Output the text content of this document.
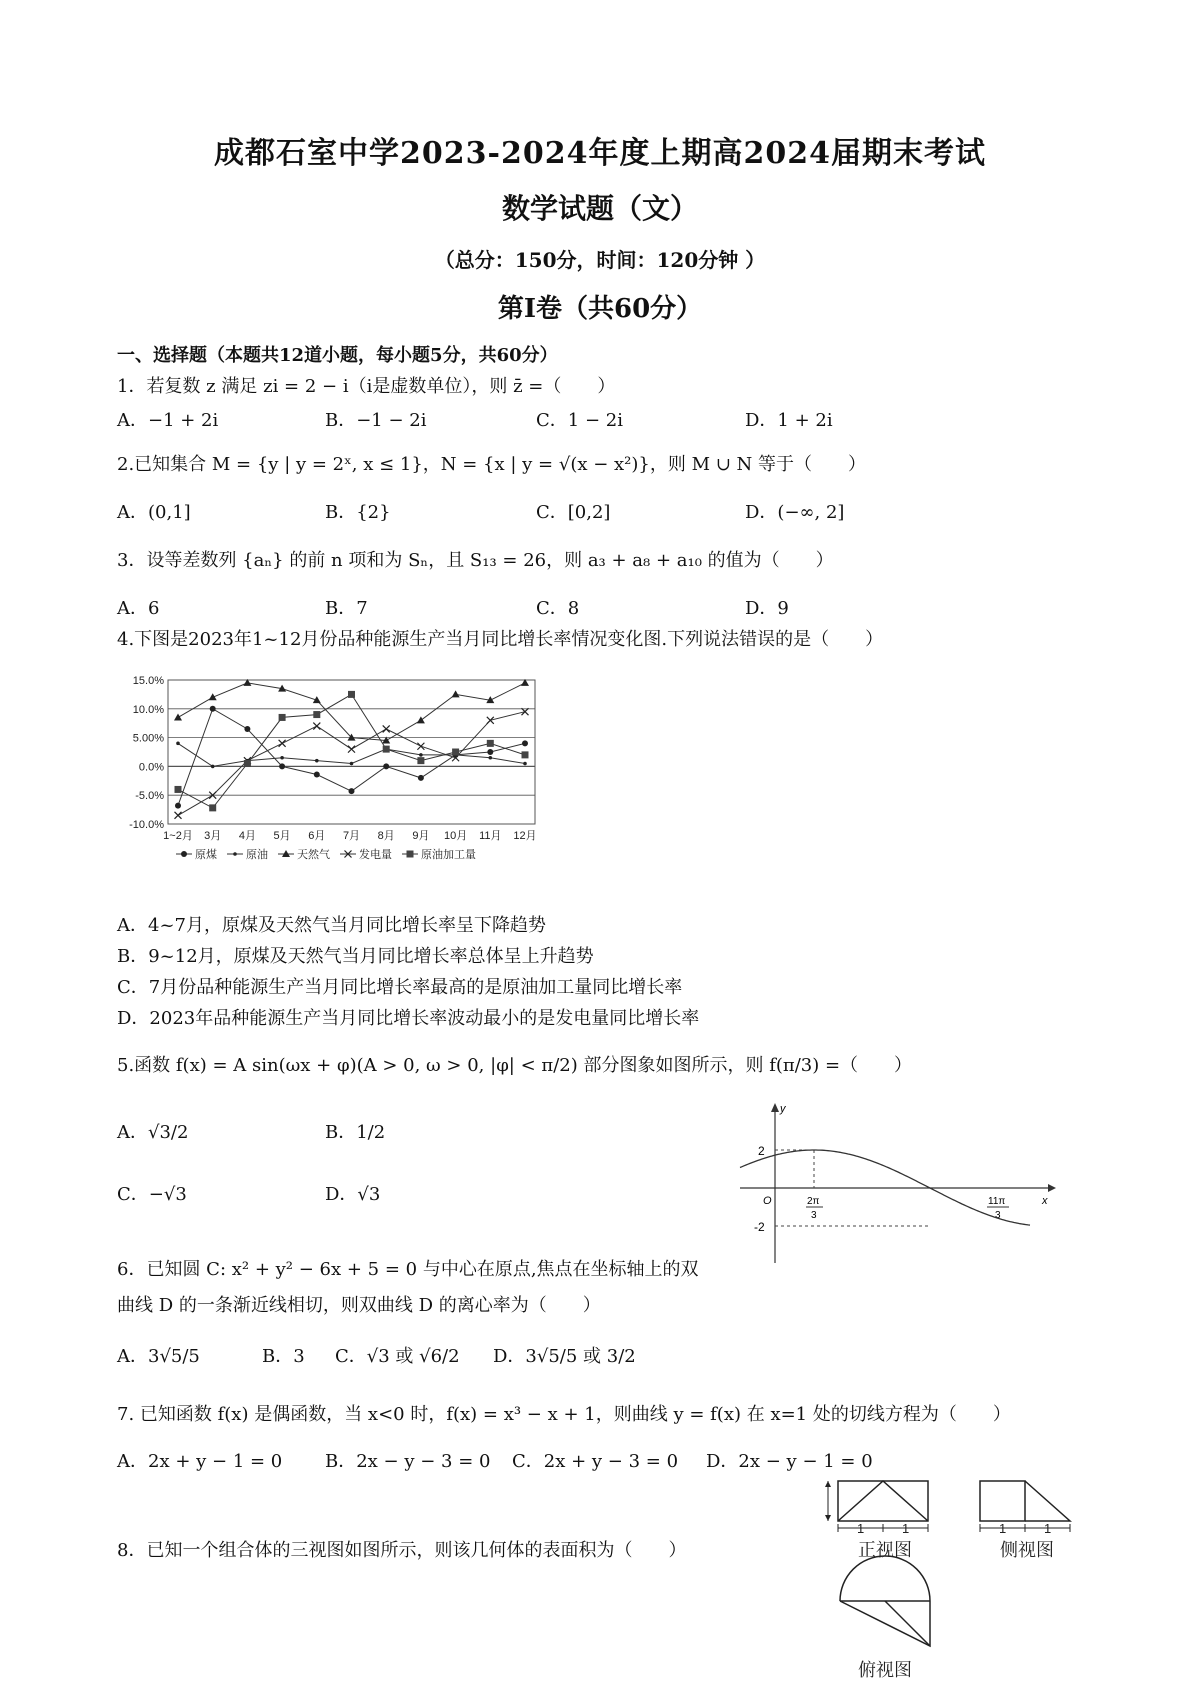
成都石室中学2023-2024年度上期高2024届期末考试
数学试题（文）
（总分：150分，时间：120分钟 ）
第I卷（共60分）
一、选择题（本题共12道小题，每小题5分，共60分）
1．若复数 z 满足 zi = 2 − i（i是虚数单位），则 z̄ =（　　）
A．−1 + 2i	B．−1 − 2i	C．1 − 2i	D．1 + 2i
2.已知集合 M = {y | y = 2ˣ, x ≤ 1}，N = {x | y = √(x − x²)}，则 M ∪ N 等于（　　）
A．(0,1]	B．{2}	C．[0,2]	D．(−∞, 2]
3．设等差数列 {aₙ} 的前 n 项和为 Sₙ，且 S₁₃ = 26，则 a₃ + a₈ + a₁₀ 的值为（　　）
A．6	B．7	C．8	D．9
4.下图是2023年1~12月份品种能源生产当月同比增长率情况变化图.下列说法错误的是（　　）
15.0%
10.0%
5.00%
0.0%
-5.0%
-10.0%
1~2月 3月 4月 5月 6月 7月 8月 9月 10月 11月 12月
原煤	原油	天然气	发电量	原油加工量
A．4~7月，原煤及天然气当月同比增长率呈下降趋势
B．9~12月，原煤及天然气当月同比增长率总体呈上升趋势
C．7月份品种能源生产当月同比增长率最高的是原油加工量同比增长率
D．2023年品种能源生产当月同比增长率波动最小的是发电量同比增长率
5.函数 f(x) = A sin(ωx + φ)(A > 0, ω > 0, |φ| < π/2) 部分图象如图所示，则 f(π/3) =（　　）
A．√3/2	B．1/2
C．−√3	D．√3
y
x
O
2
-2
2π
3
11π
3
6．已知圆 C: x² + y² − 6x + 5 = 0 与中心在原点,焦点在坐标轴上的双
曲线 D 的一条渐近线相切，则双曲线 D 的离心率为（　　）
A．3√5/5	B．3 C．√3 或 √6/2 D．3√5/5 或 3/2
7. 已知函数 f(x) 是偶函数，当 x<0 时，f(x) = x³ − x + 1，则曲线 y = f(x) 在 x=1 处的切线方程为（　　）
A．2x + y − 1 = 0 B．2x − y − 3 = 0 C．2x + y − 3 = 0 D．2x − y − 1 = 0
8．已知一个组合体的三视图如图所示，则该几何体的表面积为（　　）
1	1
正视图
1	1
侧视图
俯视图
